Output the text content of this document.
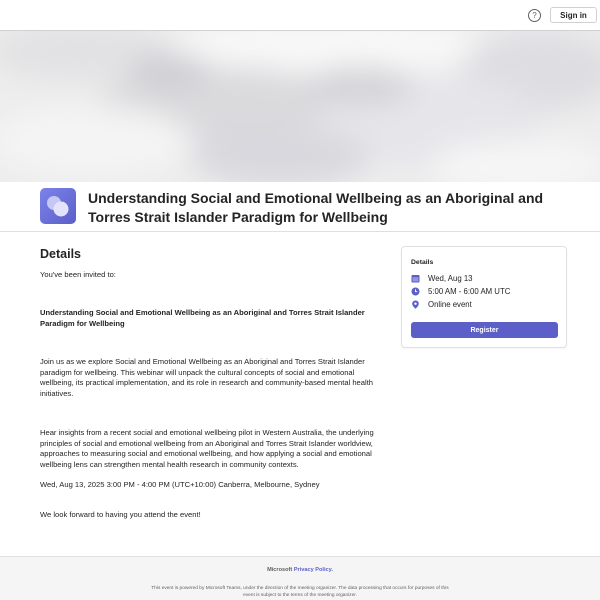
?	Sign in
Understanding Social and Emotional Wellbeing as an Aboriginal and Torres Strait Islander Paradigm for Wellbeing
Details
You've been invited to:
Understanding Social and Emotional Wellbeing as an Aboriginal and Torres Strait Islander Paradigm for Wellbeing
Join us as we explore Social and Emotional Wellbeing as an Aboriginal and Torres Strait Islander paradigm for wellbeing. This webinar will unpack the cultural concepts of social and emotional wellbeing, its practical implementation, and its role in research and community-based mental health initiatives.
Hear insights from a recent social and emotional wellbeing pilot in Western Australia, the underlying principles of social and emotional wellbeing from an Aboriginal and Torres Strait Islander worldview, approaches to measuring social and emotional wellbeing, and how applying a social and emotional wellbeing lens can strengthen mental health research in community contexts.
Wed, Aug 13, 2025 3:00 PM - 4:00 PM (UTC+10:00) Canberra, Melbourne, Sydney
We look forward to having you attend the event!
Details
Wed, Aug 13
5:00 AM - 6:00 AM UTC
Online event
Register
Microsoft Privacy Policy.
This event is powered by Microsoft Teams, under the direction of the meeting organizer. The data processing that occurs for purposes of this event is subject to the terms of the meeting organizer.
